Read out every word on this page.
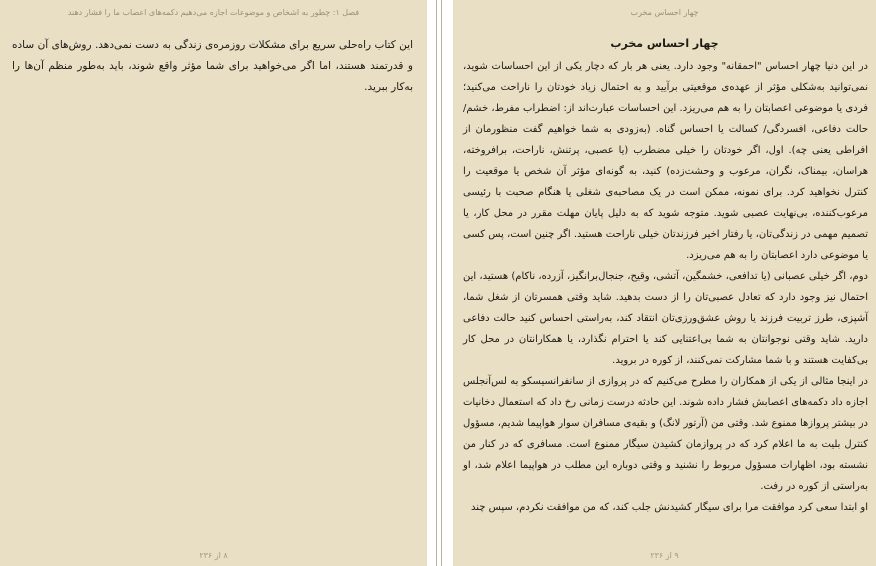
فصل ۱: چطور به اشخاص و موضوعات اجازه می‌دهیم دکمه‌های اعصاب ما را فشار دهند

این کتاب راه‌حلی سریع برای مشکلات روزمره‌ی زندگی به دست نمی‌دهد. روش‌های آن ساده و قدرتمند هستند، اما اگر می‌خواهید برای شما مؤثر واقع شوند، باید به‌طور منظم آن‌ها را به‌کار ببرید.

۸ از ۲۳۶
چهار احساس مخرب
چهار احساس مخرب

در این دنیا چهار احساس "احمقانه" وجود دارد. یعنی هر بار که دچار یکی از این احساسات شوید، نمی‌توانید به‌شکلی مؤثر از عهده‌ی موقعیتی برآیید و به احتمال زیاد خودتان را ناراحت می‌کنید؛ فردی یا موضوعی اعصابتان را به هم می‌ریزد. این احساسات عبارت‌اند از: اضطراب مفرط، خشم/ حالت دفاعی، افسردگی/ کسالت یا احساس گناه. (به‌زودی به شما خواهیم گفت منظورمان از افراطی یعنی چه). اول، اگر خودتان را خیلی مضطرب (یا عصبی، پرتنش، ناراحت، برافروخته، هراسان، بیمناک، نگران، مرعوب و وحشت‌زده) کنید، به گونه‌ای مؤثر آن شخص یا موقعیت را کنترل نخواهید کرد. برای نمونه، ممکن است در یک مصاحبه‌ی شغلی یا هنگام صحبت با رئیسی مرعوب‌کننده، بی‌نهایت عصبی شوید. متوجه شوید که به دلیل پایان مهلت مقرر در محل کار، یا تصمیم مهمی در زندگی‌تان، یا رفتار اخیر فرزندتان خیلی ناراحت هستید. اگر چنین است، پس کسی یا موضوعی دارد اعصابتان را به هم می‌ریزد.

دوم، اگر خیلی عصبانی (یا تدافعی، خشمگین، آتشی، وقیح، جنجال‌برانگیز، آزرده، ناکام) هستید، این احتمال نیز وجود دارد که تعادل عصبی‌تان را از دست بدهید. شاید وقتی همسرتان از شغل شما، آشپزی، طرز تربیت فرزند یا روش عشق‌ورزی‌تان انتقاد کند، به‌راستی احساس کنید حالت دفاعی دارید. شاید وقتی نوجوانتان به شما بی‌اعتنایی کند یا احترام نگذارد، یا همکارانتان در محل کار بی‌کفایت هستند و با شما مشارکت نمی‌کنند، از کوره در بروید.

در اینجا مثالی از یکی از همکاران را مطرح می‌کنیم که در پروازی از سانفرانسیسکو به لس‌آنجلس اجازه داد دکمه‌های اعصابش فشار داده شوند. این حادثه درست زمانی رخ داد که استعمال دخانیات در بیشتر پروازها ممنوع شد. وقتی من (آرتور لانگ) و بقیه‌ی مسافران سوار هواپیما شدیم، مسؤول کنترل بلیت به ما اعلام کرد که در پروازمان کشیدن سیگار ممنوع است. مسافری که در کنار من نشسته بود، اظهارات مسؤول مربوط را نشنید و وقتی دوباره این مطلب در هواپیما اعلام شد، او به‌راستی از کوره در رفت.

او ابتدا سعی کرد موافقت مرا برای سیگار کشیدنش جلب کند، که من موافقت نکردم، سپس چند

۹ از ۲۳۶
